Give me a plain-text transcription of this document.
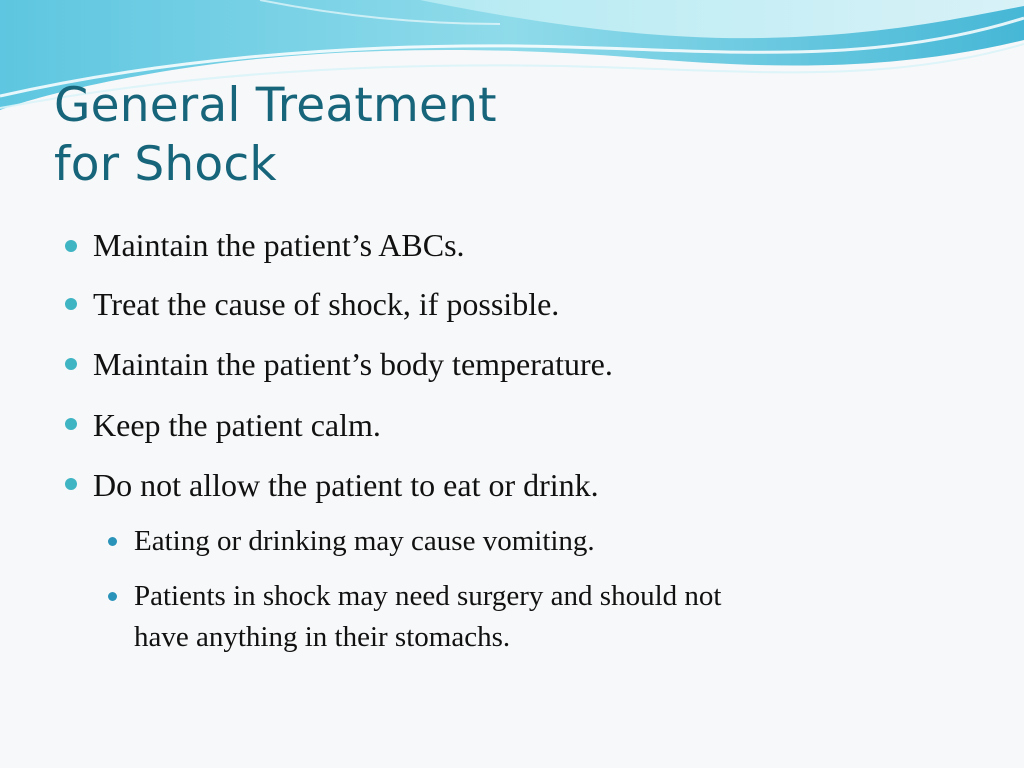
General Treatment
for Shock
Maintain the patient’s ABCs.
Treat the cause of shock, if possible.
Maintain the patient’s body temperature.
Keep the patient calm.
Do not allow the patient to eat or drink.
Eating or drinking may cause vomiting.
Patients in shock may need surgery and should not
have anything in their stomachs.
